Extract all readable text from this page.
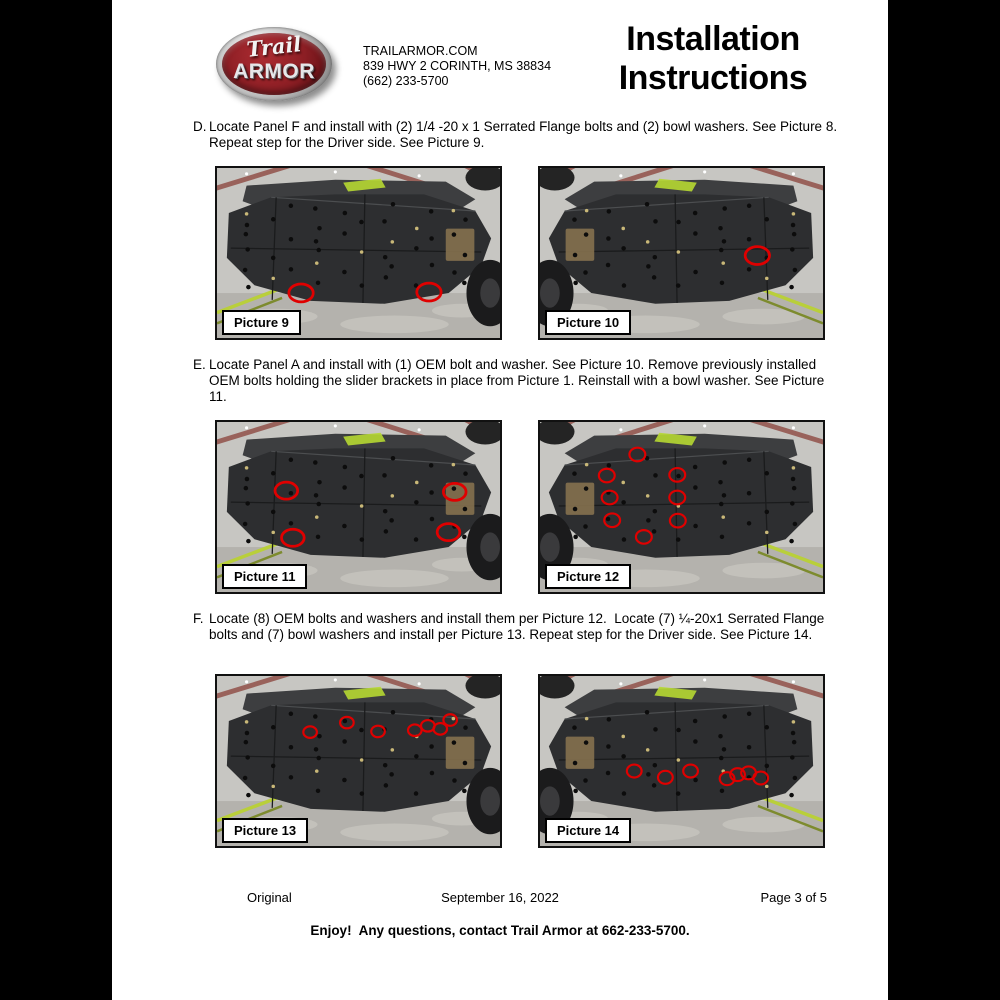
Trail
ARMOR
TRAILARMOR.COM
839 HWY 2 CORINTH, MS 38834
(662) 233-5700
Installation
Instructions
D. Locate Panel F and install with (2) 1/4 -20 x 1 Serrated Flange bolts and (2) bowl washers. See Picture 8. Repeat step for the Driver side. See Picture 9.
Picture 9	Picture 10
E. Locate Panel A and install with (1) OEM bolt and washer. See Picture 10. Remove previously installed OEM bolts holding the slider brackets in place from Picture 1. Reinstall with a bowl washer. See Picture 11.
Picture 11	Picture 12
F. Locate (8) OEM bolts and washers and install them per Picture 12.  Locate (7) ¼-20x1 Serrated Flange bolts and (7) bowl washers and install per Picture 13. Repeat step for the Driver side. See Picture 14.
Picture 13	Picture 14
Original	September 16, 2022	Page 3 of 5
Enjoy!  Any questions, contact Trail Armor at 662-233-5700.
